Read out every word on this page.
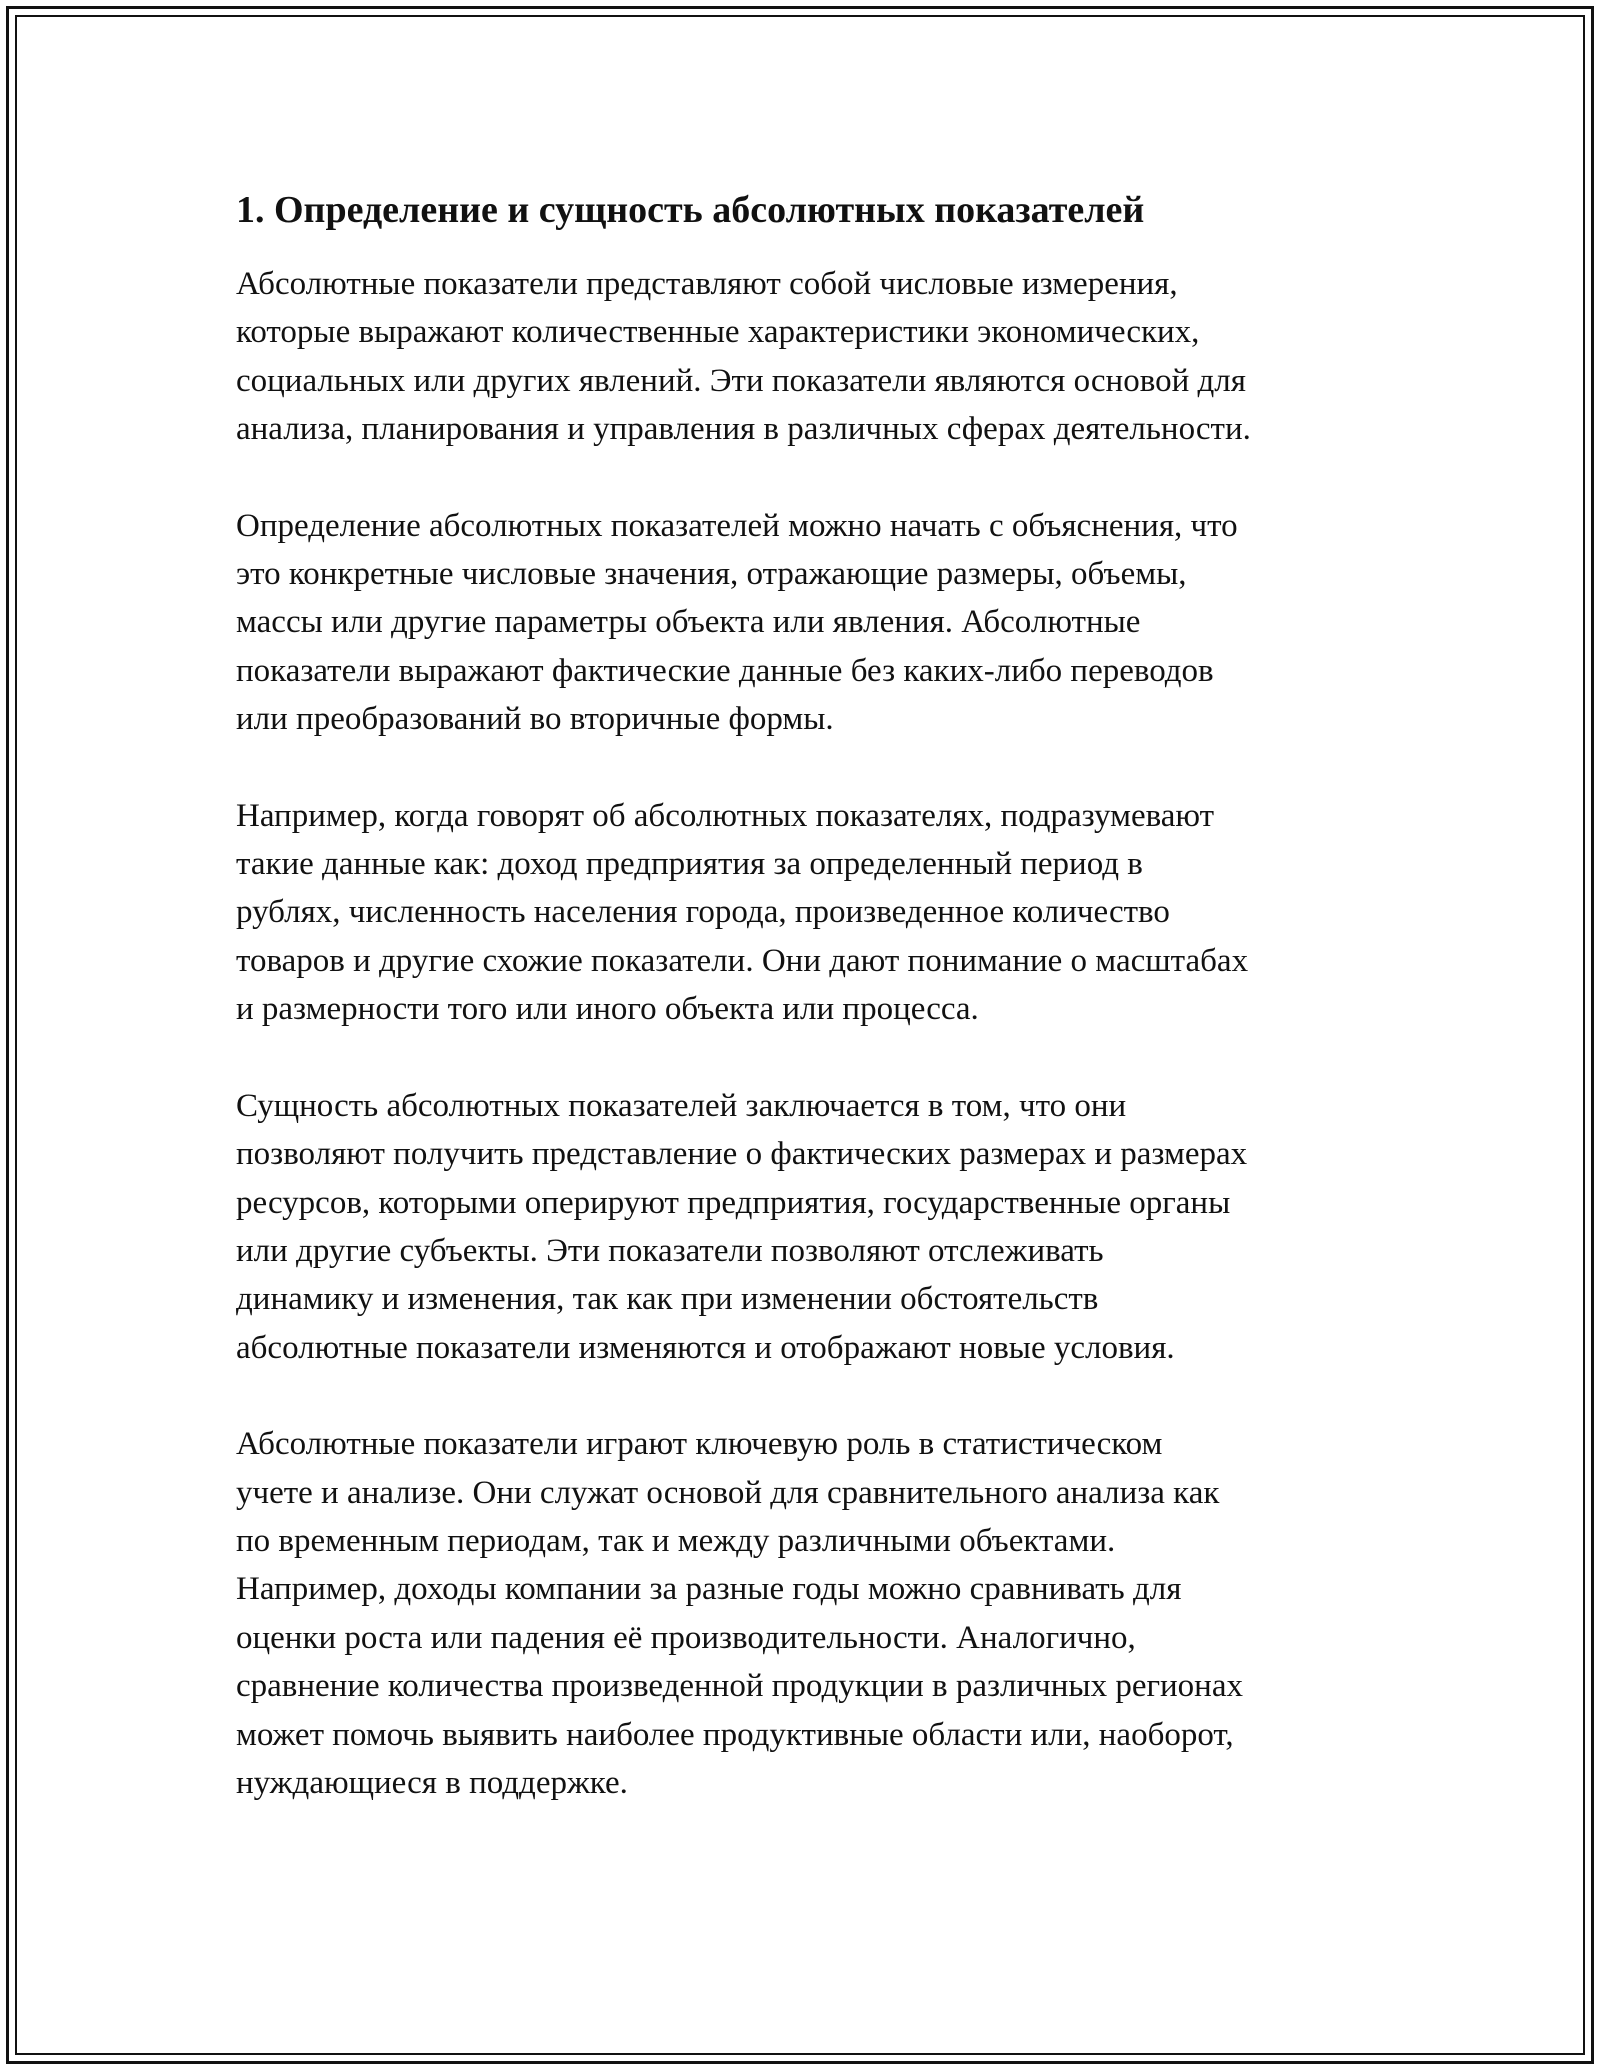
1. Определение и сущность абсолютных показателей

Абсолютные показатели представляют собой числовые измерения,
которые выражают количественные характеристики экономических,
социальных или других явлений. Эти показатели являются основой для
анализа, планирования и управления в различных сферах деятельности.

Определение абсолютных показателей можно начать с объяснения, что
это конкретные числовые значения, отражающие размеры, объемы,
массы или другие параметры объекта или явления. Абсолютные
показатели выражают фактические данные без каких-либо переводов
или преобразований во вторичные формы.

Например, когда говорят об абсолютных показателях, подразумевают
такие данные как: доход предприятия за определенный период в
рублях, численность населения города, произведенное количество
товаров и другие схожие показатели. Они дают понимание о масштабах
и размерности того или иного объекта или процесса.

Сущность абсолютных показателей заключается в том, что они
позволяют получить представление о фактических размерах и размерах
ресурсов, которыми оперируют предприятия, государственные органы
или другие субъекты. Эти показатели позволяют отслеживать
динамику и изменения, так как при изменении обстоятельств
абсолютные показатели изменяются и отображают новые условия.

Абсолютные показатели играют ключевую роль в статистическом
учете и анализе. Они служат основой для сравнительного анализа как
по временным периодам, так и между различными объектами.
Например, доходы компании за разные годы можно сравнивать для
оценки роста или падения её производительности. Аналогично,
сравнение количества произведенной продукции в различных регионах
может помочь выявить наиболее продуктивные области или, наоборот,
нуждающиеся в поддержке.
